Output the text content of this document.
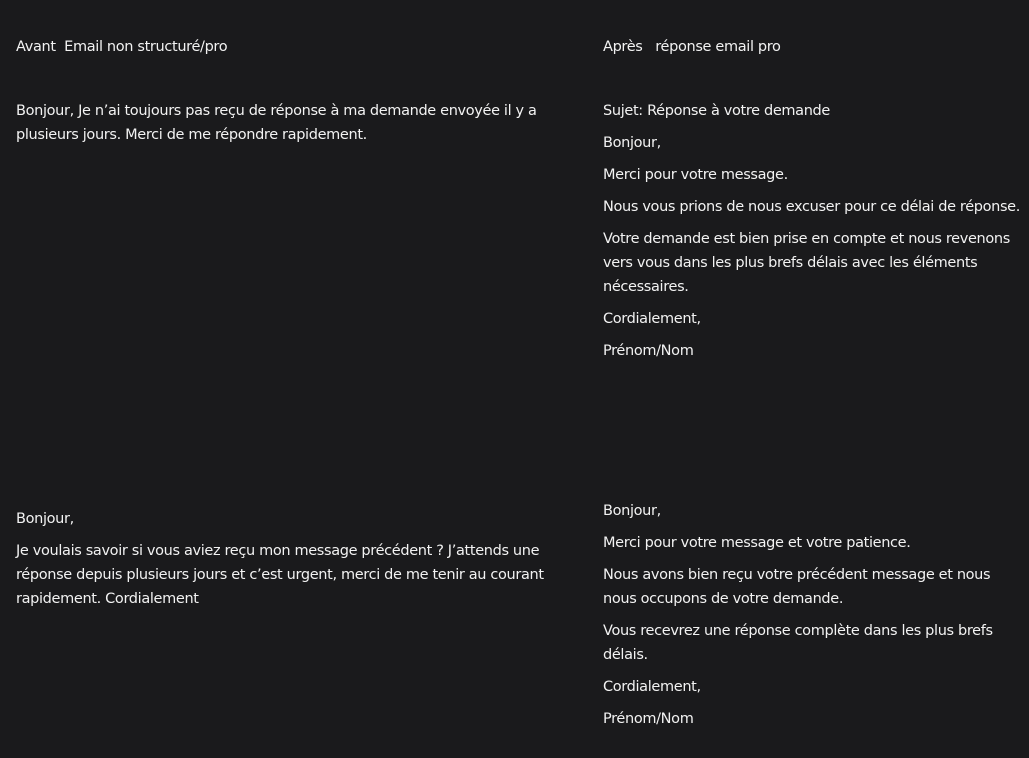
Avant  Email non structuré/pro	Après   réponse email pro

Bonjour, Je n’ai toujours pas reçu de réponse à ma demande envoyée il y a plusieurs jours. Merci de me répondre rapidement.

Sujet: Réponse à votre demande

Bonjour,

Merci pour votre message.

Nous vous prions de nous excuser pour ce délai de réponse.

Votre demande est bien prise en compte et nous revenons vers vous dans les plus brefs délais avec les éléments nécessaires.

Cordialement,

Prénom/Nom

Bonjour,

Je voulais savoir si vous aviez reçu mon message précédent ? J’attends une réponse depuis plusieurs jours et c’est urgent, merci de me tenir au courant rapidement. Cordialement

Bonjour,

Merci pour votre message et votre patience.

Nous avons bien reçu votre précédent message et nous nous occupons de votre demande.

Vous recevrez une réponse complète dans les plus brefs délais.

Cordialement,

Prénom/Nom
